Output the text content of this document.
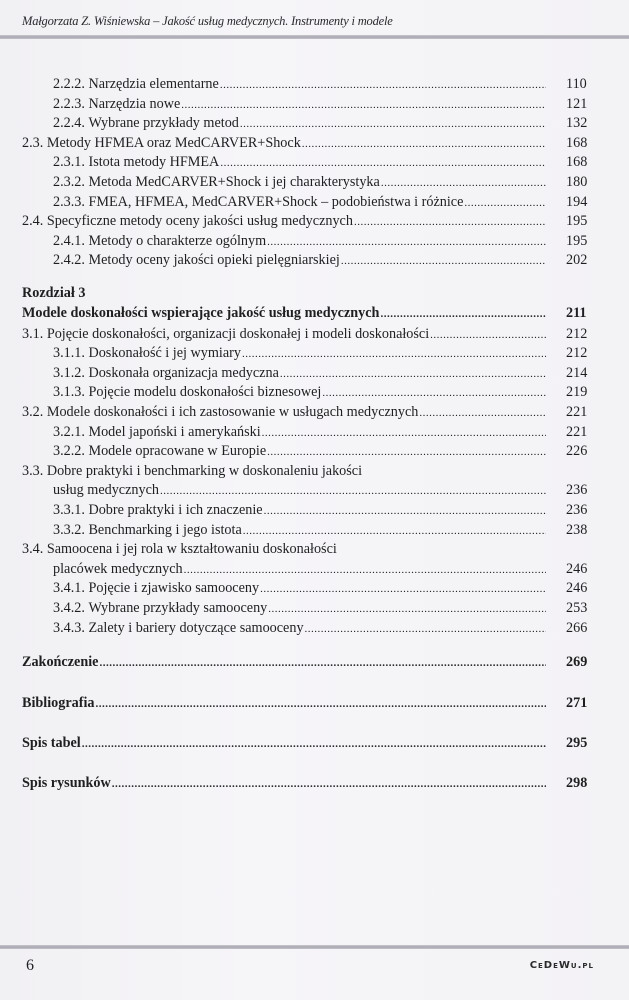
Małgorzata Z. Wiśniewska – Jakość usług medycznych. Instrumenty i modele
6	CeDeWu.pl
2.2.2. Narzędzia elementarne .....	110
2.2.3. Narzędzia nowe .....	121
2.2.4. Wybrane przykłady metod .....	132
2.3. Metody HFMEA oraz MedCARVER+Shock .....	168
2.3.1. Istota metody HFMEA .....	168
2.3.2. Metoda MedCARVER+Shock i jej charakterystyka .....	180
2.3.3. FMEA, HFMEA, MedCARVER+Shock – podobieństwa i różnice .....	194
2.4. Specyficzne metody oceny jakości usług medycznych .....	195
2.4.1. Metody o charakterze ogólnym .....	195
2.4.2. Metody oceny jakości opieki pielęgniarskiej .....	202
Rozdział 3
Modele doskonałości wspierające jakość usług medycznych .....	211
3.1. Pojęcie doskonałości, organizacji doskonałej i modeli doskonałości .....	212
3.1.1. Doskonałość i jej wymiary .....	212
3.1.2. Doskonała organizacja medyczna .....	214
3.1.3. Pojęcie modelu doskonałości biznesowej .....	219
3.2. Modele doskonałości i ich zastosowanie w usługach medycznych .....	221
3.2.1. Model japoński i amerykański .....	221
3.2.2. Modele opracowane w Europie .....	226
3.3. Dobre praktyki i benchmarking w doskonaleniu jakości
usług medycznych .....	236
3.3.1. Dobre praktyki i ich znaczenie .....	236
3.3.2. Benchmarking i jego istota .....	238
3.4. Samoocena i jej rola w kształtowaniu doskonałości
placówek medycznych .....	246
3.4.1. Pojęcie i zjawisko samooceny .....	246
3.4.2. Wybrane przykłady samooceny .....	253
3.4.3. Zalety i bariery dotyczące samooceny .....	266
Zakończenie .....	269
Bibliografia .....	271
Spis tabel .....	295
Spis rysunków .....	298
